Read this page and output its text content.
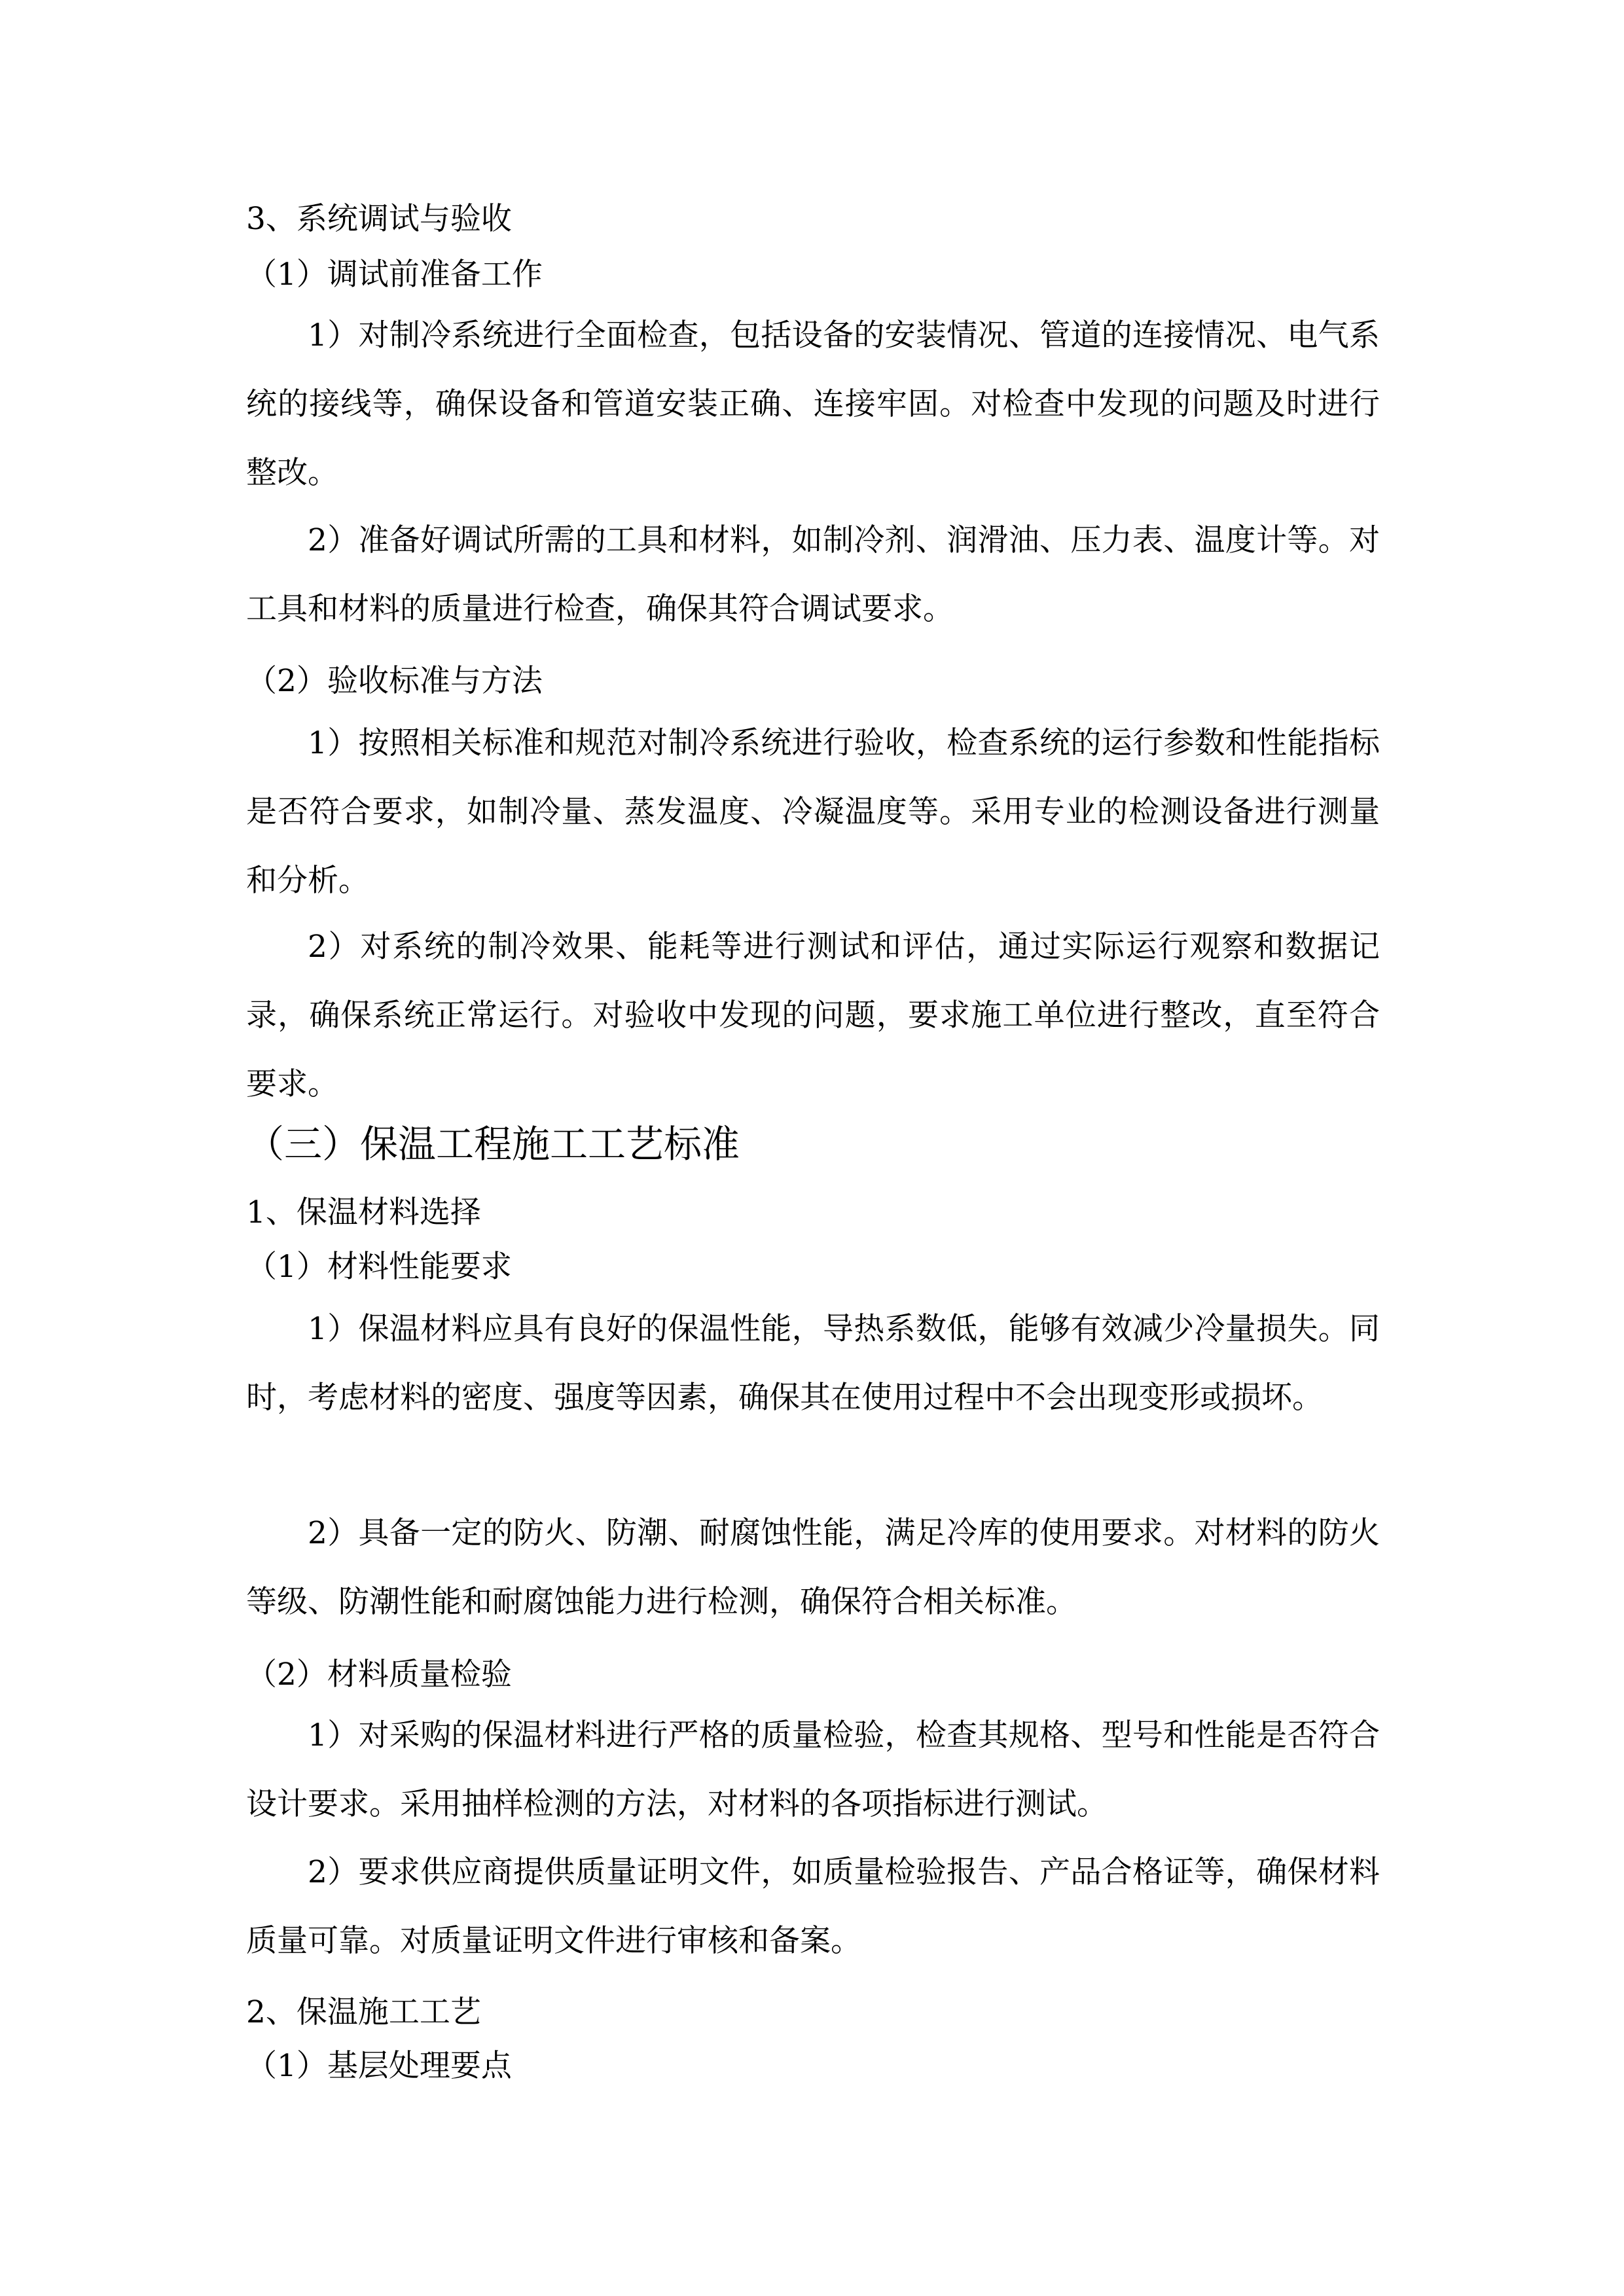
3、系统调试与验收
（1）调试前准备工作

1）对制冷系统进行全面检查，包括设备的安装情况、管道的连接情况、电气系统的接线等，确保设备和管道安装正确、连接牢固。对检查中发现的问题及时进行整改。

2）准备好调试所需的工具和材料，如制冷剂、润滑油、压力表、温度计等。对工具和材料的质量进行检查，确保其符合调试要求。

（2）验收标准与方法

1）按照相关标准和规范对制冷系统进行验收，检查系统的运行参数和性能指标是否符合要求，如制冷量、蒸发温度、冷凝温度等。采用专业的检测设备进行测量和分析。

2）对系统的制冷效果、能耗等进行测试和评估，通过实际运行观察和数据记录，确保系统正常运行。对验收中发现的问题，要求施工单位进行整改，直至符合要求。

（三）保温工程施工工艺标准
1、保温材料选择
（1）材料性能要求

1）保温材料应具有良好的保温性能，导热系数低，能够有效减少冷量损失。同时，考虑材料的密度、强度等因素，确保其在使用过程中不会出现变形或损坏。

2）具备一定的防火、防潮、耐腐蚀性能，满足冷库的使用要求。对材料的防火等级、防潮性能和耐腐蚀能力进行检测，确保符合相关标准。

（2）材料质量检验

1）对采购的保温材料进行严格的质量检验，检查其规格、型号和性能是否符合设计要求。采用抽样检测的方法，对材料的各项指标进行测试。

2）要求供应商提供质量证明文件，如质量检验报告、产品合格证等，确保材料质量可靠。对质量证明文件进行审核和备案。

2、保温施工工艺
（1）基层处理要点
